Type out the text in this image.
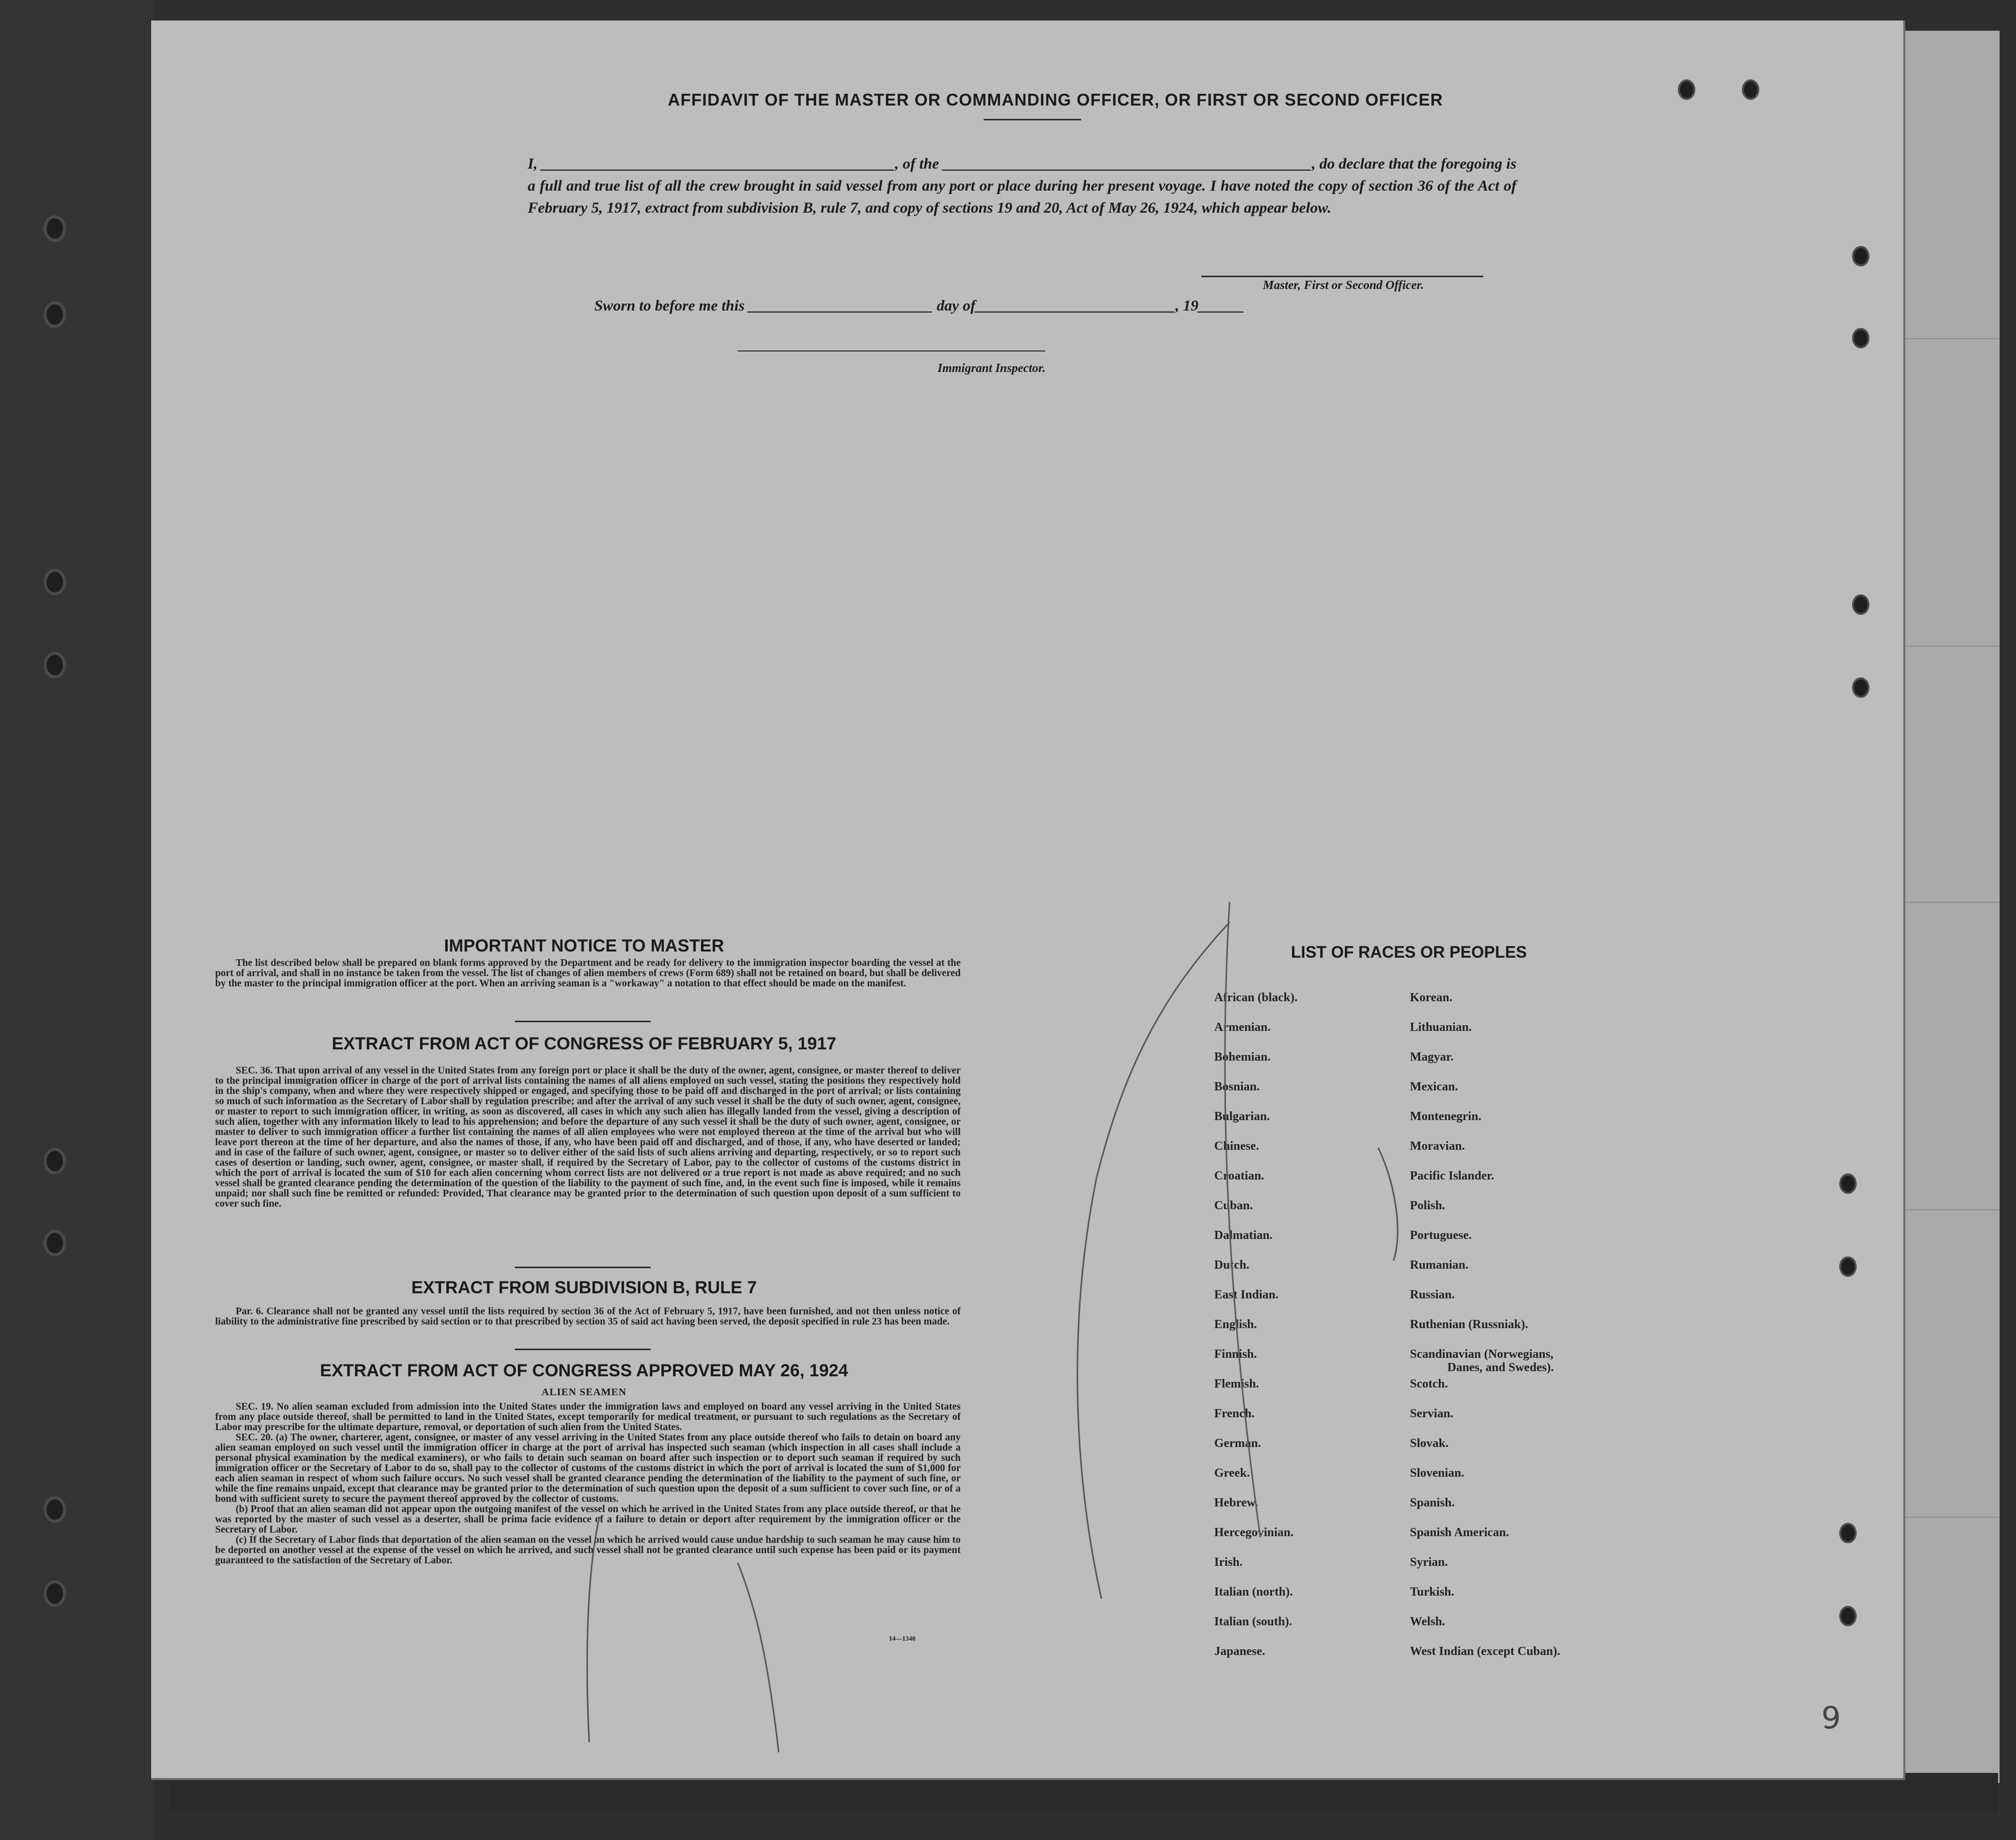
AFFIDAVIT OF THE MASTER OR COMMANDING OFFICER, OR FIRST OR SECOND OFFICER
I, ______________________________________________, of the ________________________________________________, do declare that the foregoing is a full and true list of all the crew brought in said vessel from any port or place during her present voyage. I have noted the copy of section 36 of the Act of February 5, 1917, extract from subdivision B, rule 7, and copy of sections 19 and 20, Act of May 26, 1924, which appear below.
Master, First or Second Officer.
Sworn to before me this ________________________ day of__________________________, 19______
Immigrant Inspector.
IMPORTANT NOTICE TO MASTER

The list described below shall be prepared on blank forms approved by the Department and be ready for delivery to the immigration inspector boarding the vessel at the port of arrival, and shall in no instance be taken from the vessel. The list of changes of alien members of crews (Form 689) shall not be retained on board, but shall be delivered by the master to the principal immigration officer at the port. When an arriving seaman is a "workaway" a notation to that effect should be made on the manifest.

EXTRACT FROM ACT OF CONGRESS OF FEBRUARY 5, 1917

SEC. 36. That upon arrival of any vessel in the United States from any foreign port or place it shall be the duty of the owner, agent, consignee, or master thereof to deliver to the principal immigration officer in charge of the port of arrival lists containing the names of all aliens employed on such vessel, stating the positions they respectively hold in the ship's company, when and where they were respectively shipped or engaged, and specifying those to be paid off and discharged in the port of arrival; or lists containing so much of such information as the Secretary of Labor shall by regulation prescribe; and after the arrival of any such vessel it shall be the duty of such owner, agent, consignee, or master to report to such immigration officer, in writing, as soon as discovered, all cases in which any such alien has illegally landed from the vessel, giving a description of such alien, together with any information likely to lead to his apprehension; and before the departure of any such vessel it shall be the duty of such owner, agent, consignee, or master to deliver to such immigration officer a further list containing the names of all alien employees who were not employed thereon at the time of the arrival but who will leave port thereon at the time of her departure, and also the names of those, if any, who have been paid off and discharged, and of those, if any, who have deserted or landed; and in case of the failure of such owner, agent, consignee, or master so to deliver either of the said lists of such aliens arriving and departing, respectively, or so to report such cases of desertion or landing, such owner, agent, consignee, or master shall, if required by the Secretary of Labor, pay to the collector of customs of the customs district in which the port of arrival is located the sum of $10 for each alien concerning whom correct lists are not delivered or a true report is not made as above required; and no such vessel shall be granted clearance pending the determination of the question of the liability to the payment of such fine, and, in the event such fine is imposed, while it remains unpaid; nor shall such fine be remitted or refunded: Provided, That clearance may be granted prior to the determination of such question upon deposit of a sum sufficient to cover such fine.

EXTRACT FROM SUBDIVISION B, RULE 7

Par. 6. Clearance shall not be granted any vessel until the lists required by section 36 of the Act of February 5, 1917, have been furnished, and not then unless notice of liability to the administrative fine prescribed by said section or to that prescribed by section 35 of said act having been served, the deposit specified in rule 23 has been made.

EXTRACT FROM ACT OF CONGRESS APPROVED MAY 26, 1924
ALIEN SEAMEN

SEC. 19. No alien seaman excluded from admission into the United States under the immigration laws and employed on board any vessel arriving in the United States from any place outside thereof, shall be permitted to land in the United States, except temporarily for medical treatment, or pursuant to such regulations as the Secretary of Labor may prescribe for the ultimate departure, removal, or deportation of such alien from the United States.

SEC. 20. (a) The owner, charterer, agent, consignee, or master of any vessel arriving in the United States from any place outside thereof who fails to detain on board any alien seaman employed on such vessel until the immigration officer in charge at the port of arrival has inspected such seaman (which inspection in all cases shall include a personal physical examination by the medical examiners), or who fails to detain such seaman on board after such inspection or to deport such seaman if required by such immigration officer or the Secretary of Labor to do so, shall pay to the collector of customs of the customs district in which the port of arrival is located the sum of $1,000 for each alien seaman in respect of whom such failure occurs. No such vessel shall be granted clearance pending the determination of the liability to the payment of such fine, or while the fine remains unpaid, except that clearance may be granted prior to the determination of such question upon the deposit of a sum sufficient to cover such fine, or of a bond with sufficient surety to secure the payment thereof approved by the collector of customs.

(b) Proof that an alien seaman did not appear upon the outgoing manifest of the vessel on which he arrived in the United States from any place outside thereof, or that he was reported by the master of such vessel as a deserter, shall be prima facie evidence of a failure to detain or deport after requirement by the immigration officer or the Secretary of Labor.

(c) If the Secretary of Labor finds that deportation of the alien seaman on the vessel on which he arrived would cause undue hardship to such seaman he may cause him to be deported on another vessel at the expense of the vessel on which he arrived, and such vessel shall not be granted clearance until such expense has been paid or its payment guaranteed to the satisfaction of the Secretary of Labor.

14—1340
LIST OF RACES OR PEOPLES
African (black).
Armenian.
Bohemian.
Bosnian.
Bulgarian.
Chinese.
Croatian.
Cuban.
Dalmatian.
Dutch.
East Indian.
English.
Finnish.
Flemish.
French.
German.
Greek.
Hebrew.
Hercegovinian.
Irish.
Italian (north).
Italian (south).
Japanese.
Korean.
Lithuanian.
Magyar.
Mexican.
Montenegrin.
Moravian.
Pacific Islander.
Polish.
Portuguese.
Rumanian.
Russian.
Ruthenian (Russniak).
Scandinavian (Norwegians,
Danes, and Swedes).
Scotch.
Servian.
Slovak.
Slovenian.
Spanish.
Spanish American.
Syrian.
Turkish.
Welsh.
West Indian (except Cuban).
9
